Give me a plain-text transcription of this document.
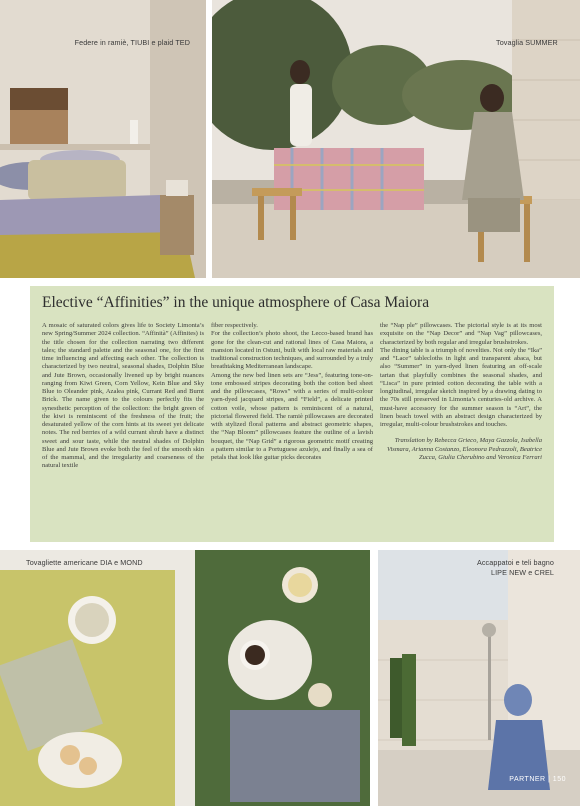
Federe in ramiè, TIUBI e plaid TED	Tovaglia SUMMER
Elective “Affinities” in the unique atmosphere of Casa Maiora

A mosaic of saturated colors gives life to Society Limonta’s new Spring/Summer 2024 collection. “Affinità” (Affinites) is the title chosen for the collection narrating two different tales; the standard palette and the seasonal one, for the first time influencing and affecting each other. The collection is characterized by two neutral, seasonal shades, Dolphin Blue and Jute Brown, occasionally livened up by bright nuances ranging from Kiwi Green, Corn Yellow, Kein Blue and Sky Blue to Oleander pink, Azalea pink, Currant Red and Burnt Brick. The name given to the colours perfectly fits the synesthetic perception of the collection: the bright green of the kiwi is reminiscent of the freshness of the fruit; the desaturated yellow of the corn hints at its sweet yet delicate notes. The red berries of a wild currant shrub have a distinct sweet and sour taste, while the neutral shades of Dolphin Blue and Jute Brown evoke both the feel of the smooth skin of the mammal, and the irregularity and coarseness of the natural textile

fiber respectively.

For the collection’s photo shoot, the Lecco-based brand has gone for the clean-cut and rational lines of Casa Maiora, a mansion located in Ostuni, built with local raw materials and traditional construction techniques, and surrounded by a truly breathtaking Mediterranean landscape.

Among the new bed linen sets are “Jess”, featuring tone-on-tone embossed stripes decorating both the cotton bed sheet and the pillowcases, “Rows” with a series of multi-colour yarn-dyed jacquard stripes, and “Field”, a delicate printed cotton voile, whose pattern is reminiscent of a natural, pictorial flowered field. The ramiè pillowcases are decorated with stylized floral patterns and abstract geometric shapes, the “Nap Bloom” pillowcases feature the outline of a lavish bouquet, the “Nap Grid” a rigorous geometric motif creating a pattern similar to a Portuguese azulejo, and finally a sea of petals that look like guitar picks decorates

the “Nap ple” pillowcases. The pictorial style is at its most exquisite on the “Nap Decor” and “Nap Vag” pillowcases, characterized by both regular and irregular brushstrokes.

The dining table is a triumph of novelties. Not only the “Ika” and “Lace” tablecloths in light and transparent abaca, but also “Summer” in yarn-dyed linen featuring an off-scale tartan that playfully combines the seasonal shades, and “Lisca” in pure printed cotton decorating the table with a longitudinal, irregular sketch inspired by a drawing dating to the 70s still preserved in Limonta’s centuries-old archive. A must-have accessory for the summer season is “Art”, the linen beach towel with an abstract design characterized by irregular, multi-colour brushstrokes and touches.

Translation by Rebecca Grieco, Maya Gazzola, Isabella Vismara, Arianna Costanzo, Eleonora Pedrazzoli, Beatrice Zucca, Giulia Cherubino and Veronica Ferrari

Tovagliette americane DIA e MOND	Accappatoi e teli bagno
LIPE NEW e CREL
PARTNER | 150
